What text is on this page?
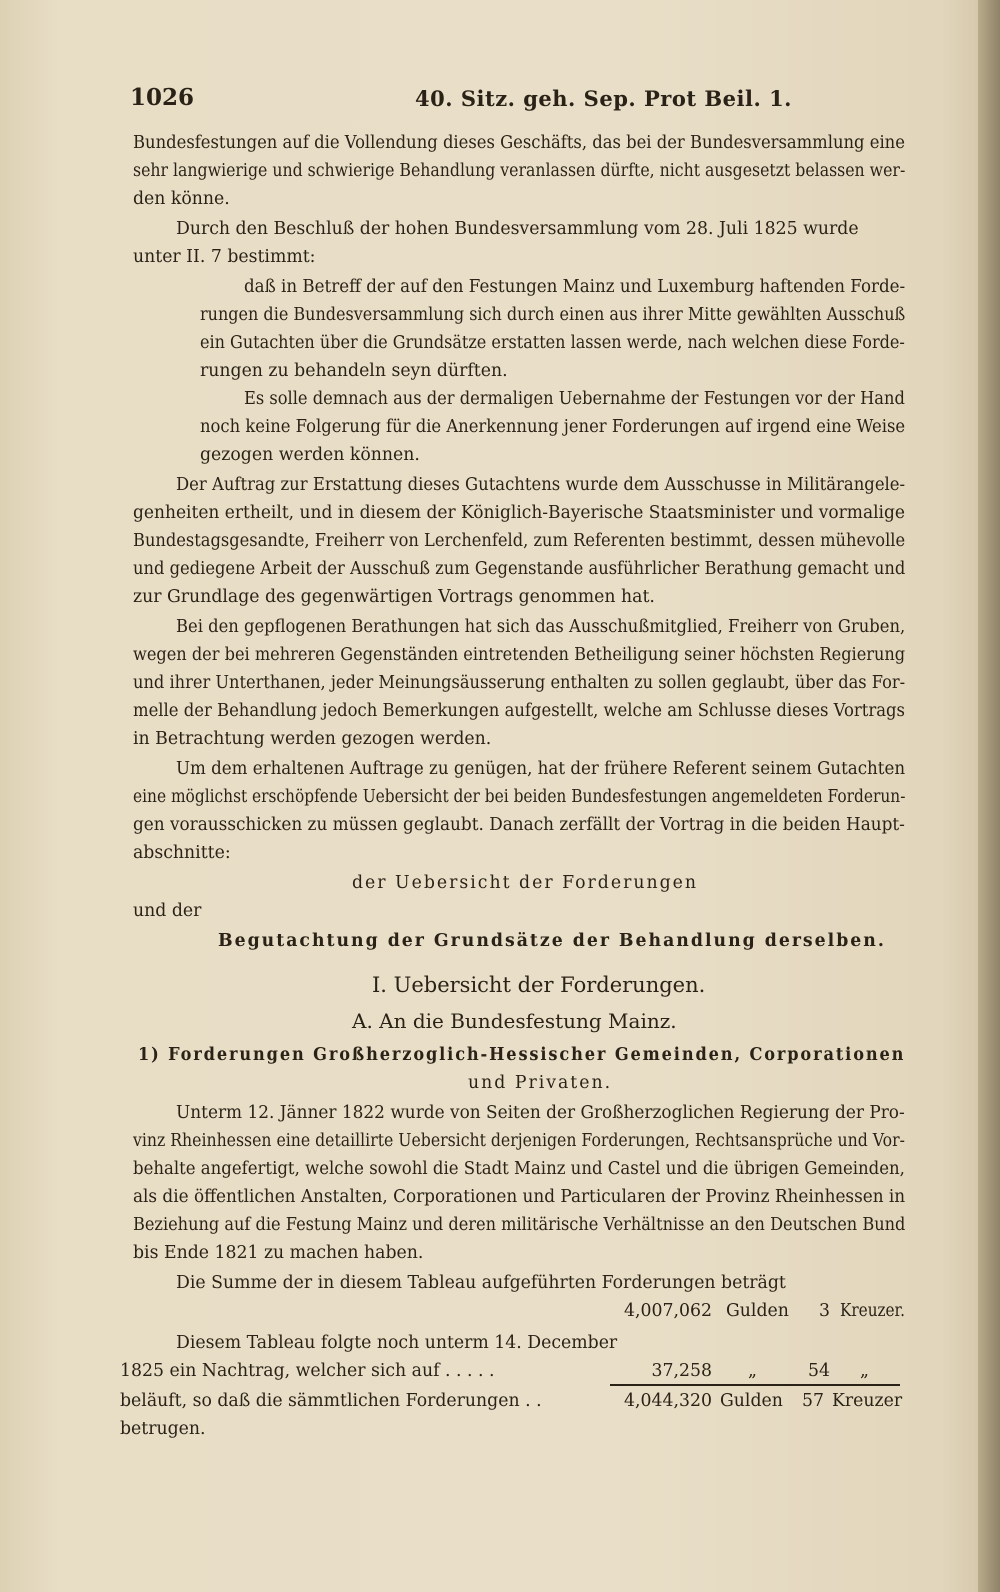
1026	40. Sitz. geh. Sep. Prot Beil. 1.
Bundesfestungen auf die Vollendung dieses Geschäfts, das bei der Bundesversammlung eine
sehr langwierige und schwierige Behandlung veranlassen dürfte, nicht ausgesetzt belassen wer-
den könne.
Durch den Beschluß der hohen Bundesversammlung vom 28. Juli 1825 wurde
unter II. 7 bestimmt:
daß in Betreff der auf den Festungen Mainz und Luxemburg haftenden Forde-
rungen die Bundesversammlung sich durch einen aus ihrer Mitte gewählten Ausschuß
ein Gutachten über die Grundsätze erstatten lassen werde, nach welchen diese Forde-
rungen zu behandeln seyn dürften.
Es solle demnach aus der dermaligen Uebernahme der Festungen vor der Hand
noch keine Folgerung für die Anerkennung jener Forderungen auf irgend eine Weise
gezogen werden können.
Der Auftrag zur Erstattung dieses Gutachtens wurde dem Ausschusse in Militärangele-
genheiten ertheilt, und in diesem der Königlich-Bayerische Staatsminister und vormalige
Bundestagsgesandte, Freiherr von Lerchenfeld, zum Referenten bestimmt, dessen mühevolle
und gediegene Arbeit der Ausschuß zum Gegenstande ausführlicher Berathung gemacht und
zur Grundlage des gegenwärtigen Vortrags genommen hat.
Bei den gepflogenen Berathungen hat sich das Ausschußmitglied, Freiherr von Gruben,
wegen der bei mehreren Gegenständen eintretenden Betheiligung seiner höchsten Regierung
und ihrer Unterthanen, jeder Meinungsäusserung enthalten zu sollen geglaubt, über das For-
melle der Behandlung jedoch Bemerkungen aufgestellt, welche am Schlusse dieses Vortrags
in Betrachtung werden gezogen werden.
Um dem erhaltenen Auftrage zu genügen, hat der frühere Referent seinem Gutachten
eine möglichst erschöpfende Uebersicht der bei beiden Bundesfestungen angemeldeten Forderun-
gen vorausschicken zu müssen geglaubt. Danach zerfällt der Vortrag in die beiden Haupt-
abschnitte:
der Uebersicht der Forderungen
und der
Begutachtung der Grundsätze der Behandlung derselben.
I. Uebersicht der Forderungen.
A. An die Bundesfestung Mainz.
1) Forderungen Großherzoglich-Hessischer Gemeinden, Corporationen
und Privaten.
Unterm 12. Jänner 1822 wurde von Seiten der Großherzoglichen Regierung der Pro-
vinz Rheinhessen eine detaillirte Uebersicht derjenigen Forderungen, Rechtsansprüche und Vor-
behalte angefertigt, welche sowohl die Stadt Mainz und Castel und die übrigen Gemeinden,
als die öffentlichen Anstalten, Corporationen und Particularen der Provinz Rheinhessen in
Beziehung auf die Festung Mainz und deren militärische Verhältnisse an den Deutschen Bund
bis Ende 1821 zu machen haben.
Die Summe der in diesem Tableau aufgeführten Forderungen beträgt
4,007,062 Gulden	3 Kreuzer.
Diesem Tableau folgte noch unterm 14. December
1825 ein Nachtrag, welcher sich auf . . . . .	37,258 „	54 „
beläuft, so daß die sämmtlichen Forderungen . .	4,044,320 Gulden	57 Kreuzer
betrugen.
